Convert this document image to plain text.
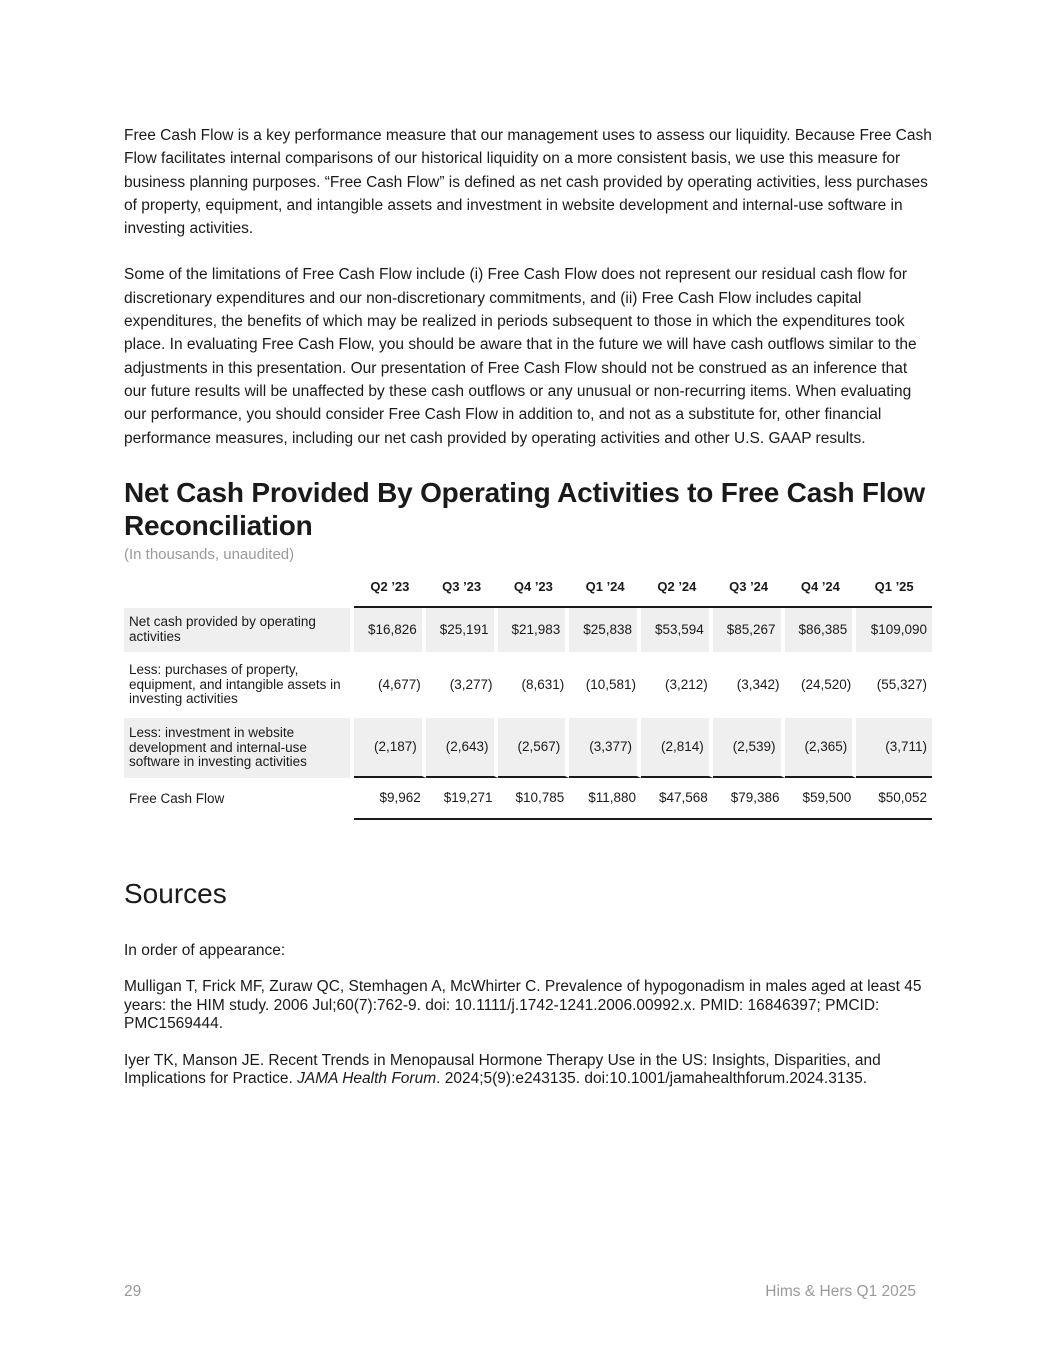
Free Cash Flow is a key performance measure that our management uses to assess our liquidity. Because Free Cash Flow facilitates internal comparisons of our historical liquidity on a more consistent basis, we use this measure for business planning purposes. “Free Cash Flow” is defined as net cash provided by operating activities, less purchases of property, equipment, and intangible assets and investment in website development and internal-use software in investing activities.

Some of the limitations of Free Cash Flow include (i) Free Cash Flow does not represent our residual cash flow for discretionary expenditures and our non-discretionary commitments, and (ii) Free Cash Flow includes capital expenditures, the benefits of which may be realized in periods subsequent to those in which the expenditures took place. In evaluating Free Cash Flow, you should be aware that in the future we will have cash outflows similar to the adjustments in this presentation. Our presentation of Free Cash Flow should not be construed as an inference that our future results will be unaffected by these cash outflows or any unusual or non-recurring items. When evaluating our performance, you should consider Free Cash Flow in addition to, and not as a substitute for, other financial performance measures, including our net cash provided by operating activities and other U.S. GAAP results.

Net Cash Provided By Operating Activities to Free Cash Flow Reconciliation
(In thousands, unaudited)
	Q2 ’23	Q3 ’23	Q4 ’23	Q1 ’24	Q2 ’24	Q3 ’24	Q4 ’24	Q1 ’25
Net cash provided by operating activities	$16,826	$25,191	$21,983	$25,838	$53,594	$85,267	$86,385	$109,090
Less: purchases of property, equipment, and intangible assets in investing activities	(4,677)	(3,277)	(8,631)	(10,581)	(3,212)	(3,342)	(24,520)	(55,327)
Less: investment in website development and internal-use software in investing activities	(2,187)	(2,643)	(2,567)	(3,377)	(2,814)	(2,539)	(2,365)	(3,711)
Free Cash Flow	$9,962	$19,271	$10,785	$11,880	$47,568	$79,386	$59,500	$50,052
Sources

In order of appearance:

Mulligan T, Frick MF, Zuraw QC, Stemhagen A, McWhirter C. Prevalence of hypogonadism in males aged at least 45 years: the HIM study. 2006 Jul;60(7):762-9. doi: 10.1111/j.1742-1241.2006.00992.x. PMID: 16846397; PMCID: PMC1569444.

Iyer TK, Manson JE. Recent Trends in Menopausal Hormone Therapy Use in the US: Insights, Disparities, and Implications for Practice. JAMA Health Forum. 2024;5(9):e243135. doi:10.1001/jamahealthforum.2024.3135.

29	Hims & Hers Q1 2025
